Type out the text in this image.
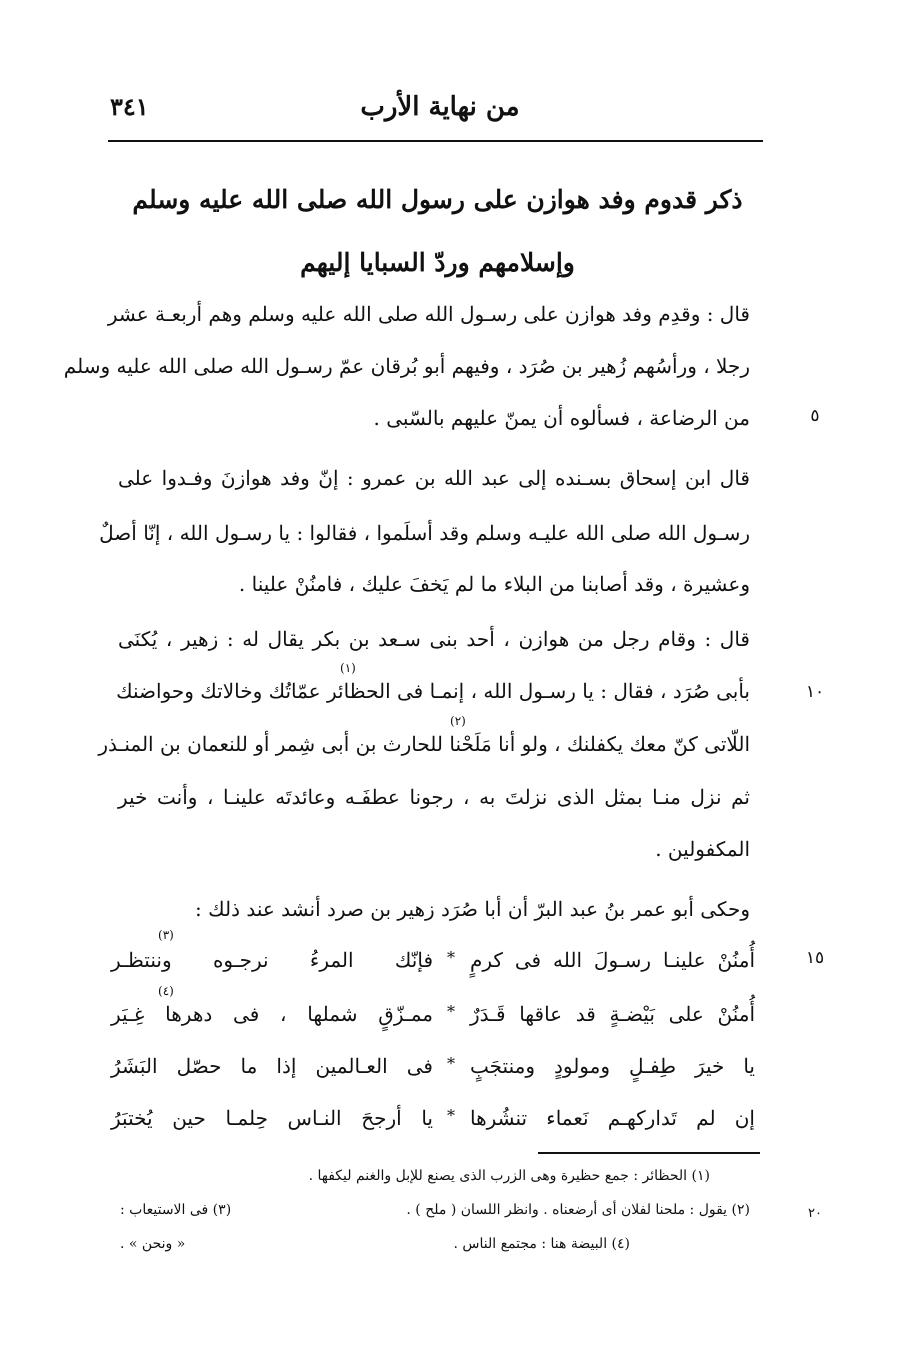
من نهاية الأرب
٣٤١
ذكر قدوم وفد هوازن على رسول الله صلى الله عليه وسلم
وإسلامهم وردّ السبايا إليهم
قال : وقدِم وفد هوازن على رسـول الله صلى الله عليه وسلم وهم أربعـة عشر
رجلا ، ورأسُهم زُهير بن صُرَد ، وفيهم أبو بُرقان عمّ رسـول الله صلى الله عليه وسلم
من الرضاعة ، فسألوه أن يمنّ عليهم بالسّبى .
قال ابن إسحاق بسـنده إلى عبد الله بن عمرو : إنّ وفد هوازنَ وفـدوا على
رسـول الله صلى الله عليـه وسلم وقد أسلَموا ، فقالوا : يا رسـول الله ، إنّا أصلٌ
وعشيرة ، وقد أصابنا من البلاء ما لم يَخفَ عليك ، فامنُنْ علينا .
قال : وقام رجل من هوازن ، أحد بنى سـعد بن بكر يقال له : زهير ، يُكنَى
بأبى صُرَد ، فقال : يا رسـول الله ، إنمـا فى الحظائر عمّاتُك وخالاتك وحواضنك
اللّاتى كنّ معك يكفلنك ، ولو أنا مَلَحْنا للحارث بن أبى شِمر أو للنعمان بن المنـذر
ثم نزل منـا بمثل الذى نزلتَ به ، رجونا عطفَـه وعائدتَه علينـا ، وأنت خير
المكفولين .
(١)
(٢)
(٣)
(٤)
وحكى أبو عمر بنُ عبد البرّ أن أبا صُرَد زهير بن صرد أنشد عند ذلك :
أُمنُنْ علينـا رسـولَ الله فى كرمٍ
*
فإنّك المرءُ نرجـوه وننتظـر
أُمنُنْ على بَيْضـةٍ قد عاقها قَـدَرٌ
*
ممـزّقٍ شملها ، فى دهرها غِـيَر
يا خيرَ طِفـلٍ ومولودٍ ومنتجَبٍ
*
فى العـالمين إذا ما حصّل البَشَرُ
إن لم تَداركهـم نَعماء تنشُرها
*
يا أرجحَ النـاس حِلمـا حين يُختبَرُ
٥
١٠
١٥
٢٠
(١) الحظائر : جمع حظيرة وهى الزرب الذى يصنع للإبل والغنم ليكفها .
(٢) يقول : ملحنا لفلان أى أرضعناه . وانظر اللسان ( ملح ) .
(٣) فى الاستيعاب :
« ونحن » .	(٤) البيضة هنا : مجتمع الناس .
